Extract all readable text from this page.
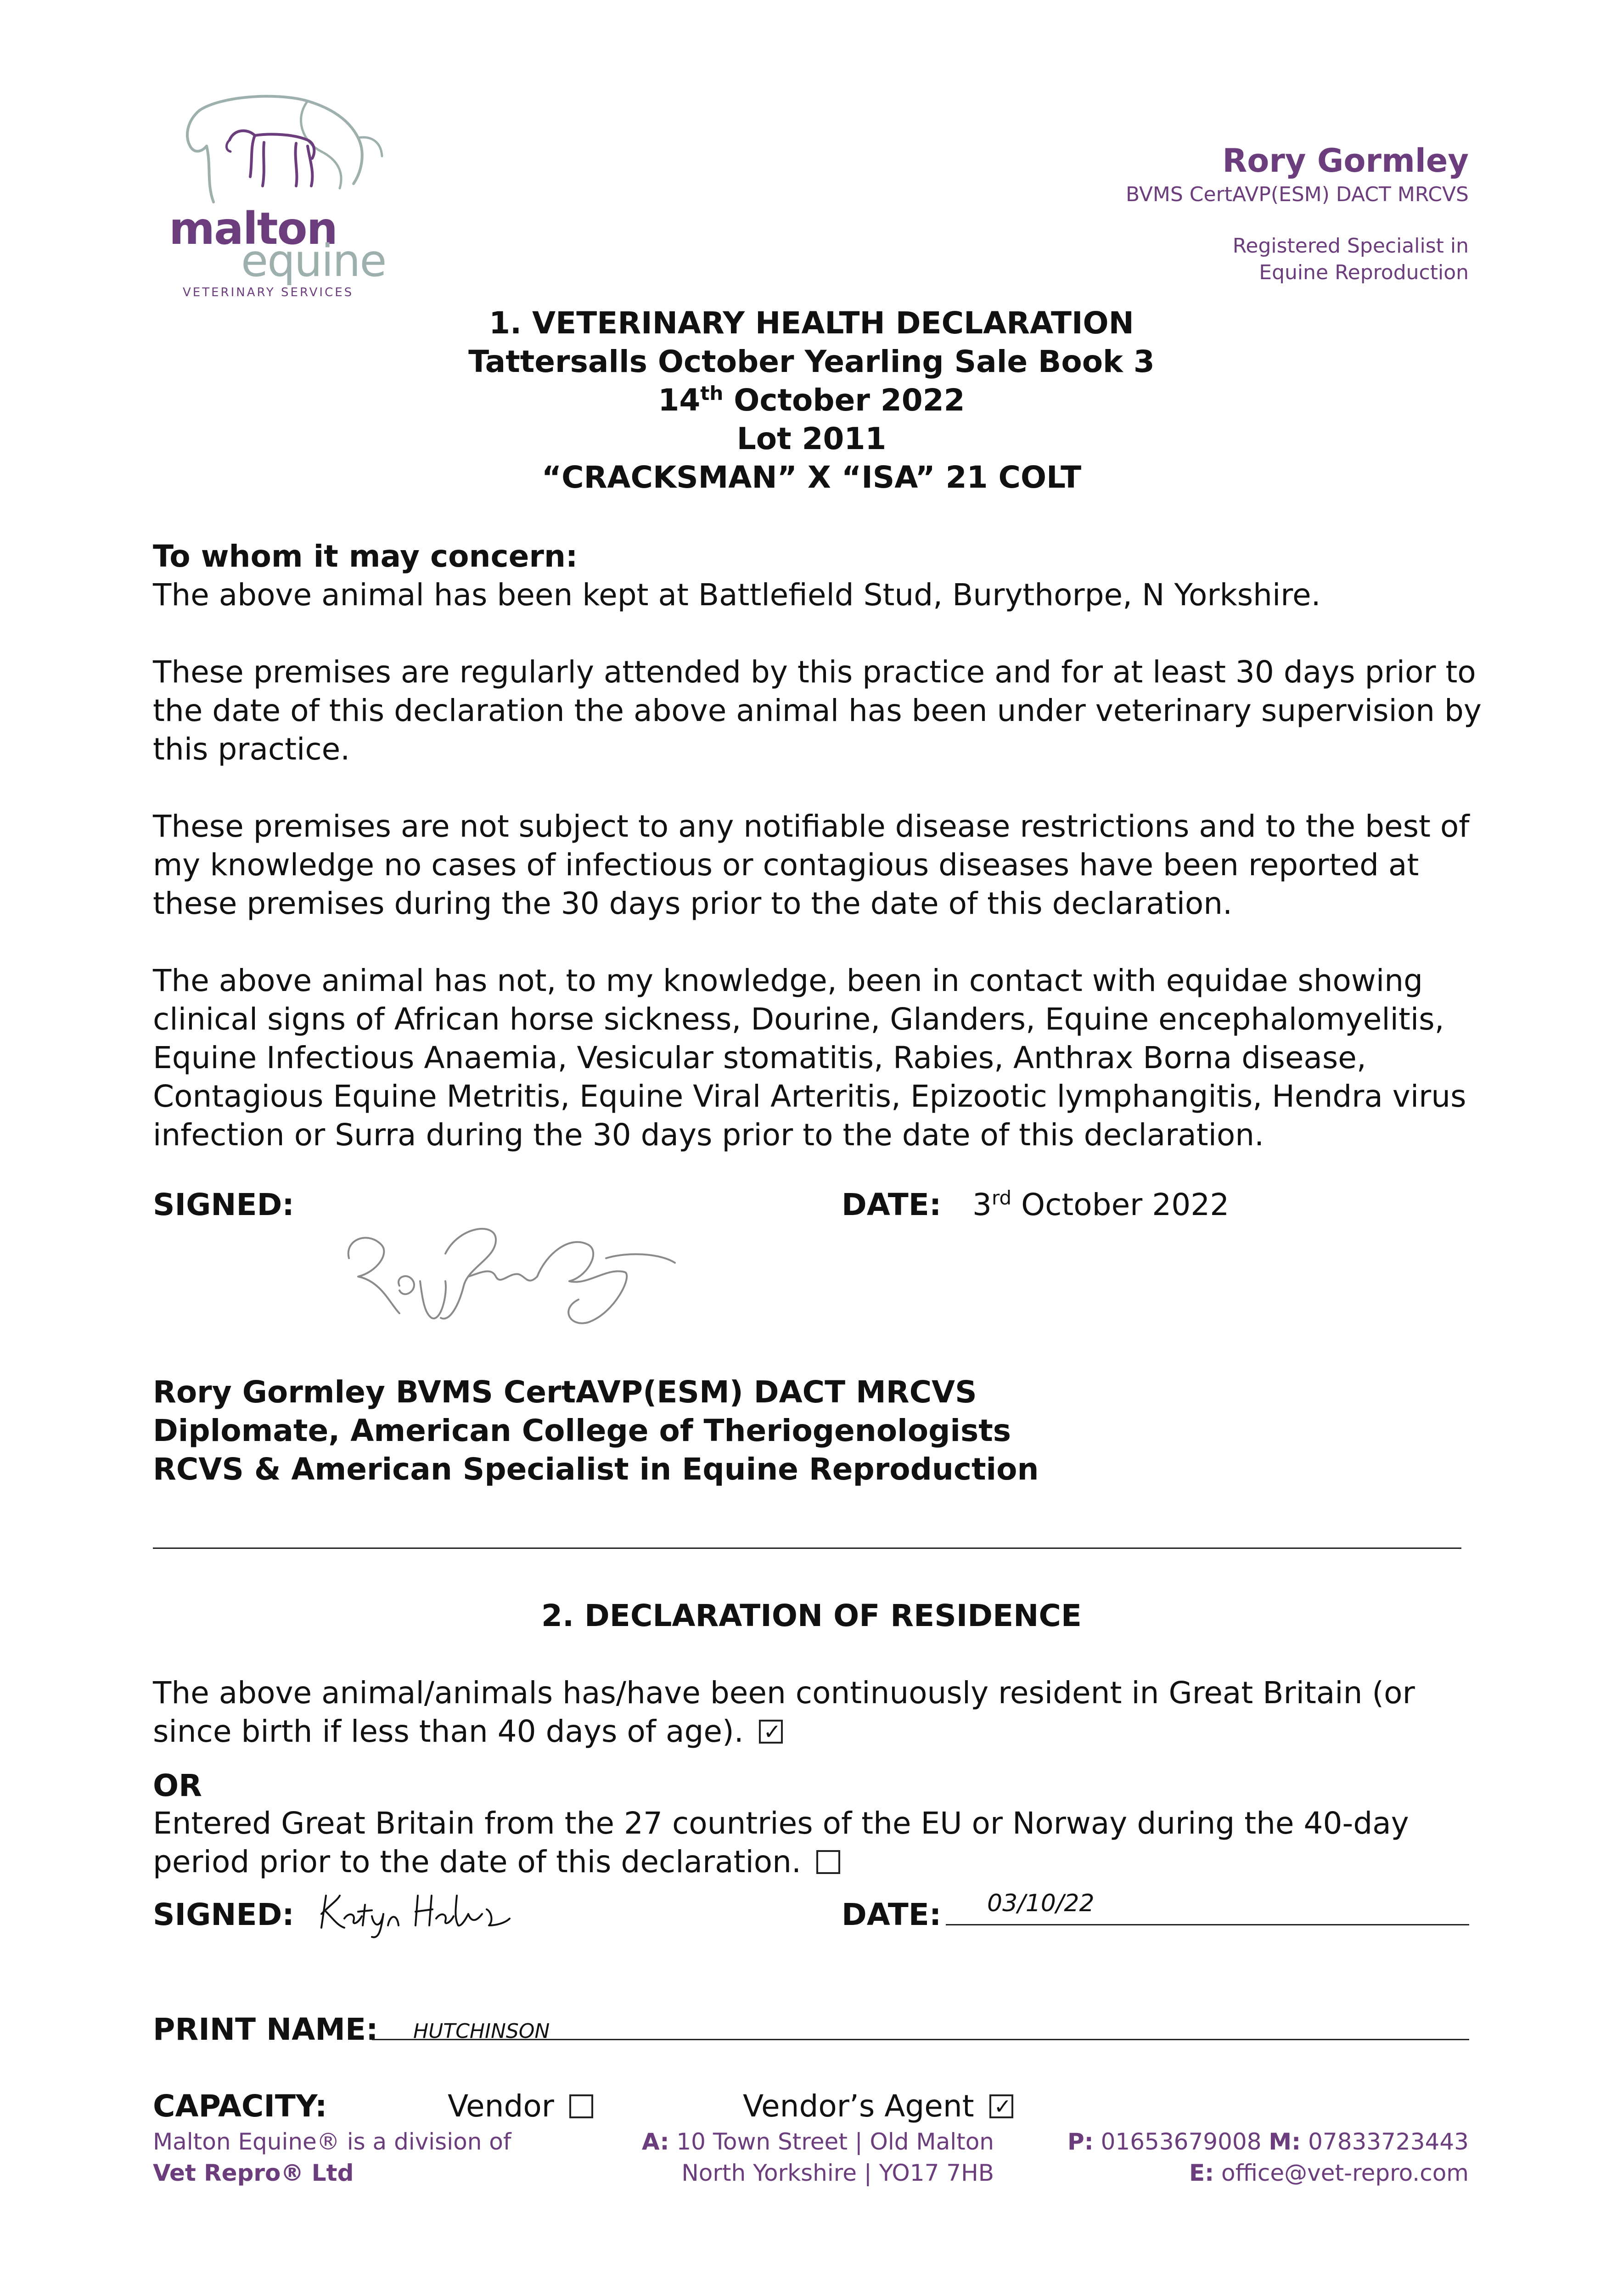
malton
equine
VETERINARY SERVICES
Rory Gormley
BVMS CertAVP(ESM) DACT MRCVS
Registered Specialist in
Equine Reproduction
1. VETERINARY HEALTH DECLARATION
Tattersalls October Yearling Sale Book 3
14th October 2022
Lot 2011
“CRACKSMAN” X “ISA” 21 COLT
To whom it may concern:

The above animal has been kept at Battlefield Stud, Burythorpe, N Yorkshire.

These premises are regularly attended by this practice and for at least 30 days prior to the date of this declaration the above animal has been under veterinary supervision by this practice.

These premises are not subject to any notifiable disease restrictions and to the best of my knowledge no cases of infectious or contagious diseases have been reported at these premises during the 30 days prior to the date of this declaration.

The above animal has not, to my knowledge, been in contact with equidae showing clinical signs of African horse sickness, Dourine, Glanders, Equine encephalomyelitis, Equine Infectious Anaemia, Vesicular stomatitis, Rabies, Anthrax Borna disease, Contagious Equine Metritis, Equine Viral Arteritis, Epizootic lymphangitis, Hendra virus infection or Surra during the 30 days prior to the date of this declaration.

SIGNED:	DATE: 3rd October 2022
Rory Gormley BVMS CertAVP(ESM) DACT MRCVS
Diplomate, American College of Theriogenologists
RCVS & American Specialist in Equine Reproduction
2. DECLARATION OF RESIDENCE
The above animal/animals has/have been continuously resident in Great Britain (or since birth if less than 40 days of age). ✓
OR
Entered Great Britain from the 27 countries of the EU or Norway during the 40-day period prior to the date of this declaration.
SIGNED:	DATE: 03/10/22
PRINT NAME: HUTCHINSON
CAPACITY:	Vendor	Vendor’s Agent ✓
Malton Equine® is a division of
Vet Repro® Ltd
A: 10 Town Street | Old Malton
North Yorkshire | YO17 7HB
P: 01653679008 M: 07833723443
E: office@vet-repro.com
